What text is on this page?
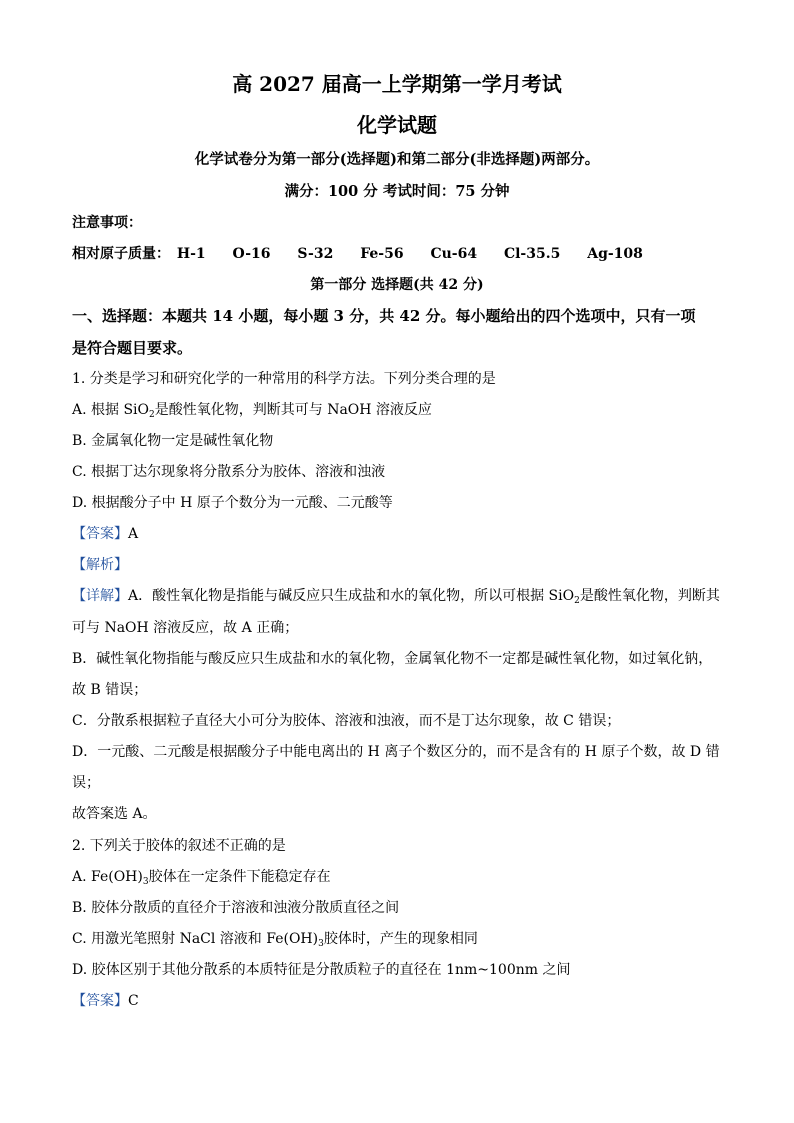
高 2027 届高一上学期第一学月考试
化学试题
化学试卷分为第一部分(选择题)和第二部分(非选择题)两部分。
满分：100 分 考试时间：75 分钟
注意事项：
相对原子质量： H-1 O-16 S-32 Fe-56 Cu-64 Cl-35.5 Ag-108
第一部分 选择题(共 42 分)
一、选择题：本题共 14 小题，每小题 3 分，共 42 分。每小题给出的四个选项中，只有一项
是符合题目要求。
1. 分类是学习和研究化学的一种常用的科学方法。下列分类合理的是
A. 根据 SiO$_2$是酸性氧化物，判断其可与 NaOH 溶液反应
B. 金属氧化物一定是碱性氧化物
C. 根据丁达尔现象将分散系分为胶体、溶液和浊液
D. 根据酸分子中 H 原子个数分为一元酸、二元酸等
【答案】A
【解析】
【详解】A．酸性氧化物是指能与碱反应只生成盐和水的氧化物，所以可根据 SiO$_2$是酸性氧化物，判断其
可与 NaOH 溶液反应，故 A 正确；
B．碱性氧化物指能与酸反应只生成盐和水的氧化物，金属氧化物不一定都是碱性氧化物，如过氧化钠，
故 B 错误；
C．分散系根据粒子直径大小可分为胶体、溶液和浊液，而不是丁达尔现象，故 C 错误；
D．一元酸、二元酸是根据酸分子中能电离出的 H 离子个数区分的，而不是含有的 H 原子个数，故 D 错
误；
故答案选 A。
2. 下列关于胶体的叙述不正确的是
A. $Fe(OH)_3$胶体在一定条件下能稳定存在
B. 胶体分散质的直径介于溶液和浊液分散质直径之间
C. 用激光笔照射 NaCl 溶液和 $Fe(OH)_3$胶体时，产生的现象相同
D. 胶体区别于其他分散系的本质特征是分散质粒子的直径在 1nm~100nm 之间
【答案】C
